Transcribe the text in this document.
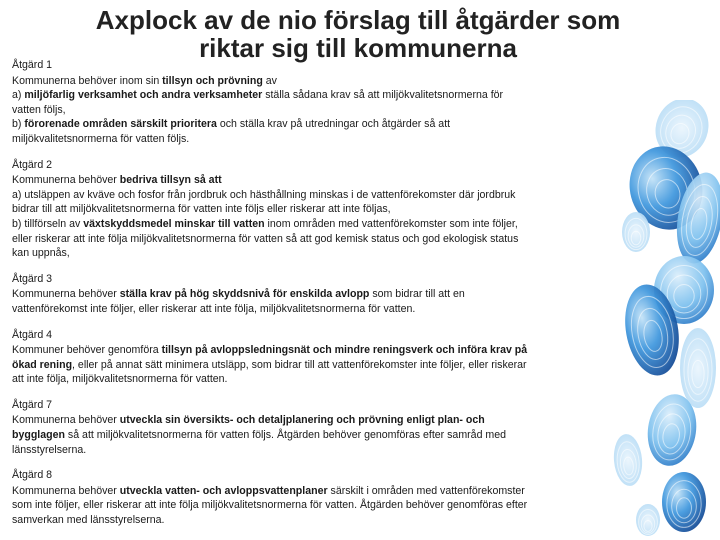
Axplock av de nio förslag till åtgärder som
riktar sig till kommunerna
Åtgärd 1
Kommunerna behöver inom sin tillsyn och prövning av
a) miljöfarlig verksamhet och andra verksamheter ställa sådana krav så att miljökvalitetsnormerna för
vatten följs,
b) förorenade områden särskilt prioritera och ställa krav på utredningar och åtgärder så att
miljökvalitetsnormerna för vatten följs.
Åtgärd 2
Kommunerna behöver bedriva tillsyn så att
a) utsläppen av kväve och fosfor från jordbruk och hästhållning minskas i de vattenförekomster där jordbruk
bidrar till att miljökvalitetsnormerna för vatten inte följs eller riskerar att inte följas,
b) tillförseln av växtskyddsmedel minskar till vatten inom områden med vattenförekomster som inte följer,
eller riskerar att inte följa miljökvalitetsnormerna för vatten så att god kemisk status och god ekologisk status
kan uppnås,
Åtgärd 3
Kommunerna behöver ställa krav på hög skyddsnivå för enskilda avlopp som bidrar till att en
vattenförekomst inte följer, eller riskerar att inte följa, miljökvalitetsnormerna för vatten.
Åtgärd 4
Kommuner behöver genomföra tillsyn på avloppsledningsnät och mindre reningsverk och införa krav på
ökad rening, eller på annat sätt minimera utsläpp, som bidrar till att vattenförekomster inte följer, eller riskerar
att inte följa, miljökvalitetsnormerna för vatten.
Åtgärd 7
Kommunerna behöver utveckla sin översikts- och detaljplanering och prövning enligt plan- och
bygglagen så att miljökvalitetsnormerna för vatten följs. Åtgärden behöver genomföras efter samråd med
länsstyrelserna.
Åtgärd 8
Kommunerna behöver utveckla vatten- och avloppsvattenplaner särskilt i områden med vattenförekomster
som inte följer, eller riskerar att inte följa miljökvalitetsnormerna för vatten. Åtgärden behöver genomföras efter
samverkan med länsstyrelserna.
